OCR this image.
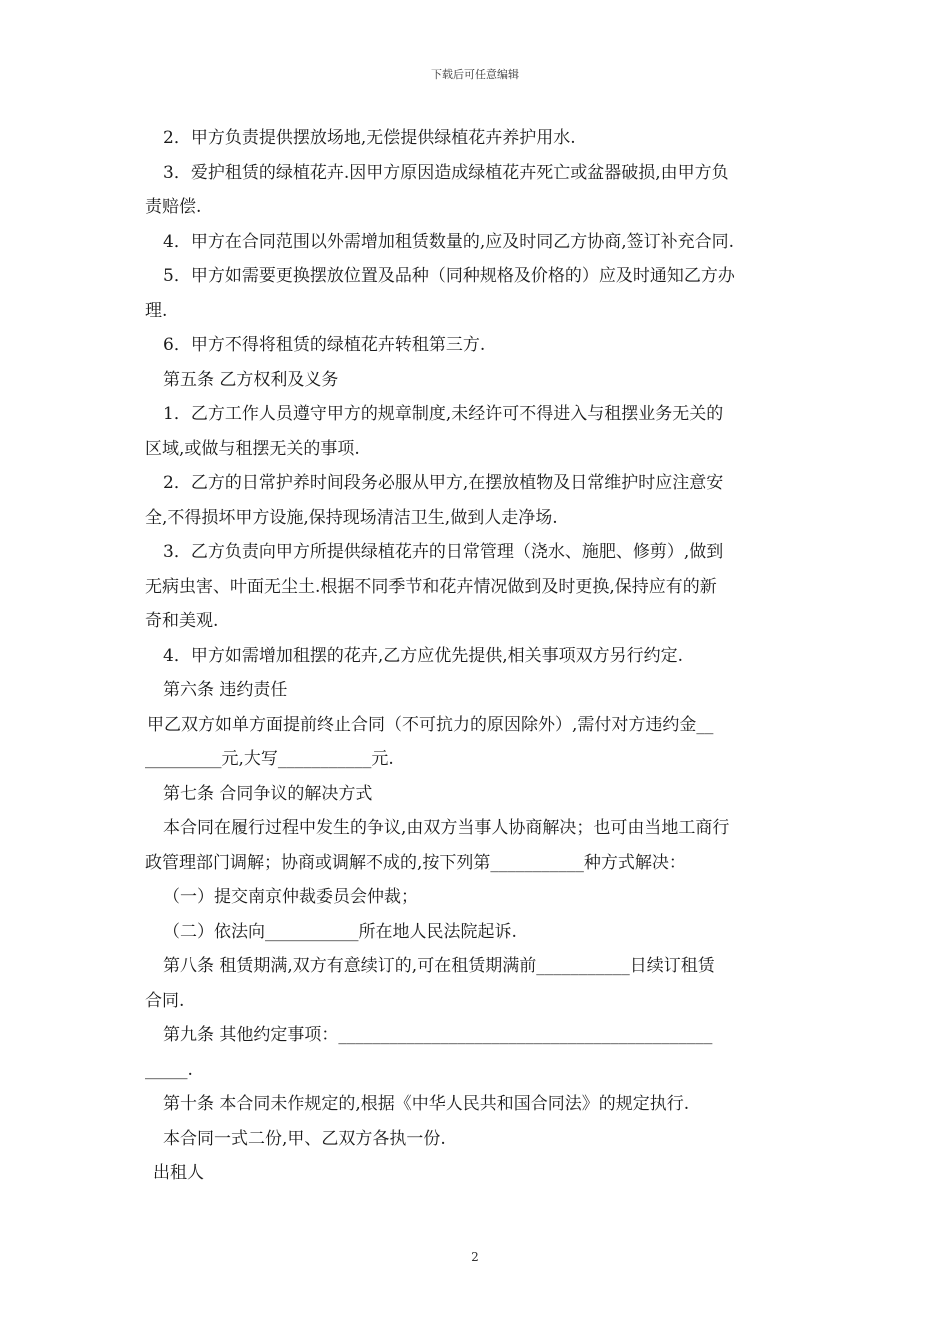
下载后可任意编辑
2．甲方负责提供摆放场地,无偿提供绿植花卉养护用水.
3．爱护租赁的绿植花卉.因甲方原因造成绿植花卉死亡或盆器破损,由甲方负
责赔偿.
4．甲方在合同范围以外需增加租赁数量的,应及时同乙方协商,签订补充合同.
5．甲方如需要更换摆放位置及品种（同种规格及价格的）应及时通知乙方办
理.
6．甲方不得将租赁的绿植花卉转租第三方.
第五条 乙方权利及义务
1．乙方工作人员遵守甲方的规章制度,未经许可不得进入与租摆业务无关的
区域,或做与租摆无关的事项.
2．乙方的日常护养时间段务必服从甲方,在摆放植物及日常维护时应注意安
全,不得损坏甲方设施,保持现场清洁卫生,做到人走净场.
3．乙方负责向甲方所提供绿植花卉的日常管理（浇水、施肥、修剪）,做到
无病虫害、叶面无尘土.根据不同季节和花卉情况做到及时更换,保持应有的新
奇和美观.
4．甲方如需增加租摆的花卉,乙方应优先提供,相关事项双方另行约定.
第六条 违约责任
甲乙双方如单方面提前终止合同（不可抗力的原因除外）,需付对方违约金__
_________元,大写___________元.
第七条 合同争议的解决方式
本合同在履行过程中发生的争议,由双方当事人协商解决；也可由当地工商行
政管理部门调解；协商或调解不成的,按下列第___________种方式解决：
（一）提交南京仲裁委员会仲裁；
（二）依法向___________所在地人民法院起诉.
第八条 租赁期满,双方有意续订的,可在租赁期满前___________日续订租赁
合同.
第九条 其他约定事项：____________________________________________
_____.
第十条 本合同未作规定的,根据《中华人民共和国合同法》的规定执行.
本合同一式二份,甲、乙双方各执一份.
出租人
2
